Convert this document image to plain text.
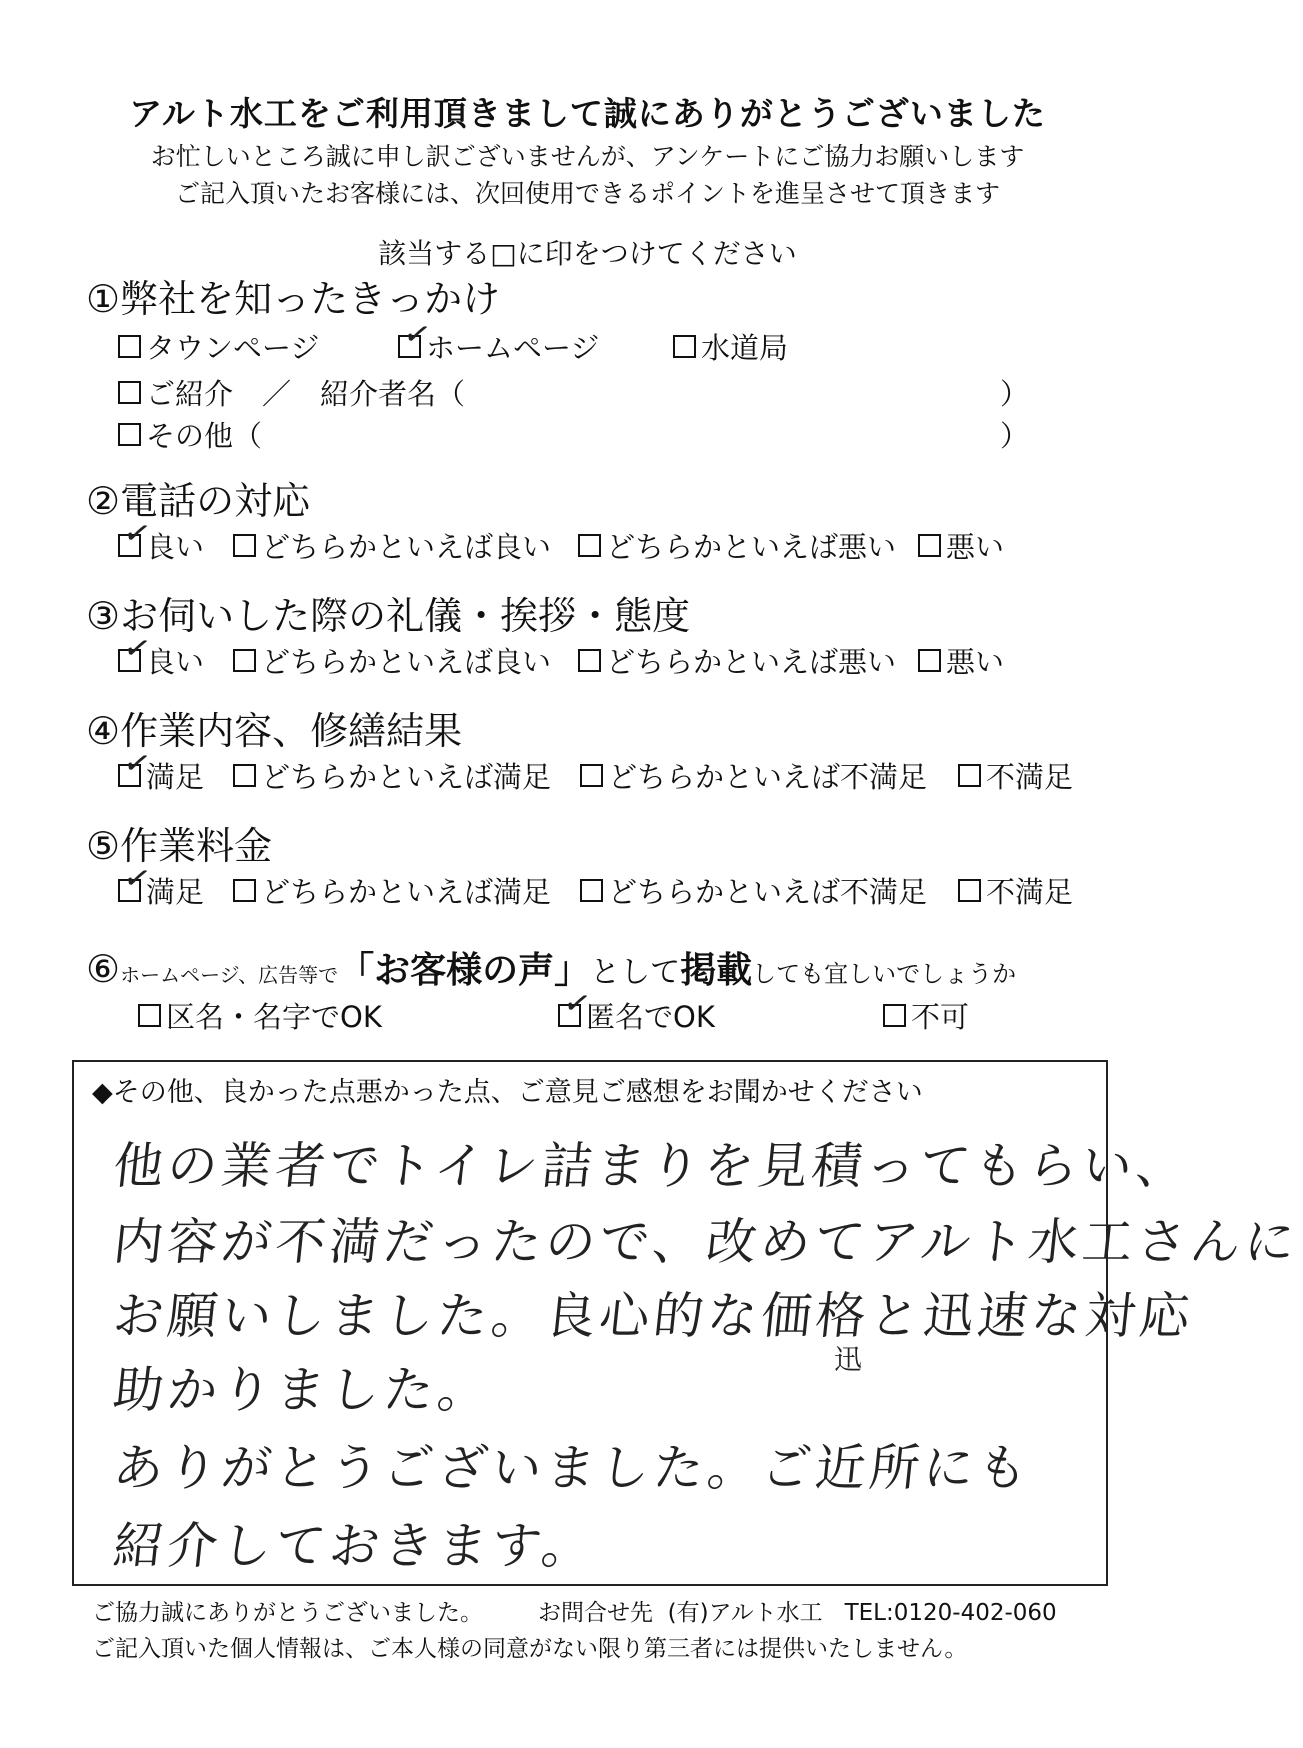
アルト水工をご利用頂きまして誠にありがとうございました
お忙しいところ誠に申し訳ございませんが、アンケートにご協力お願いします
ご記入頂いたお客様には、次回使用できるポイントを進呈させて頂きます
該当する□に印をつけてください
①弊社を知ったきっかけ
タウンページ	✓
ホームページ	水道局
ご紹介　／　紹介者名（	）
その他（	）
②電話の対応
✓
良い どちらかといえば良い どちらかといえば悪い 悪い
③お伺いした際の礼儀・挨拶・態度
✓
良い どちらかといえば良い どちらかといえば悪い 悪い
④作業内容、修繕結果
✓
満足 どちらかといえば満足 どちらかといえば不満足 不満足
⑤作業料金
✓
満足 どちらかといえば満足 どちらかといえば不満足 不満足
⑥ ホームページ、広告等で 「お客様の声」 として 掲載 しても宜しいでしょうか
区名・名字でOK	✓
匿名でOK	不可
◆その他、良かった点悪かった点、ご意見ご感想をお聞かせください
他の業者でトイレ詰まりを見積ってもらい、
内容が不満だったので、改めてアルト水工さんに
お願いしました。良心的な価格と迅速な対応
迅
助かりました。
ありがとうございました。ご近所にも
紹介しておきます。
ご協力誠にありがとうございました。 お問合せ先 (有)アルト水工 TEL:0120-402-060
ご記入頂いた個人情報は、ご本人様の同意がない限り第三者には提供いたしません。
